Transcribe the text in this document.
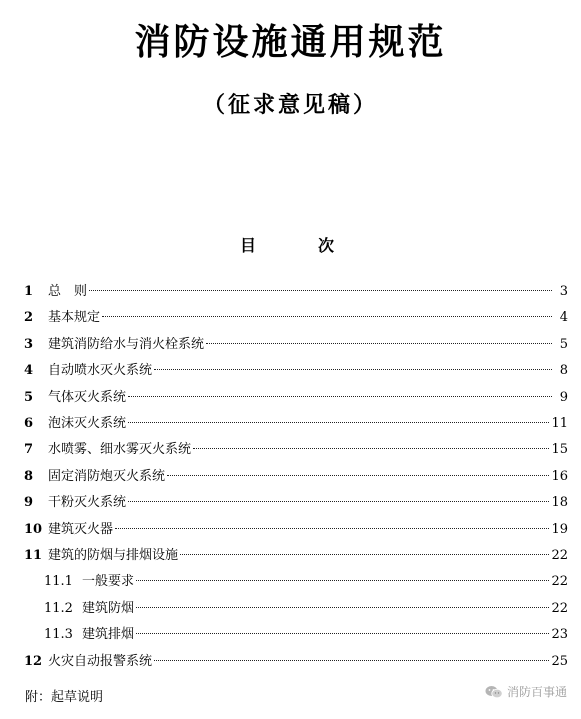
消防设施通用规范
（征求意见稿）
目	次
1 总　则	3
2 基本规定	4
3 建筑消防给水与消火栓系统	5
4 自动喷水灭火系统	8
5 气体灭火系统	9
6 泡沫灭火系统	11
7 水喷雾、细水雾灭火系统	15
8 固定消防炮灭火系统	16
9 干粉灭火系统	18
10 建筑灭火器	19
11 建筑的防烟与排烟设施	22
11.1 一般要求	22
11.2 建筑防烟	22
11.3 建筑排烟	23
12 火灾自动报警系统	25
附：起草说明	消防百事通
